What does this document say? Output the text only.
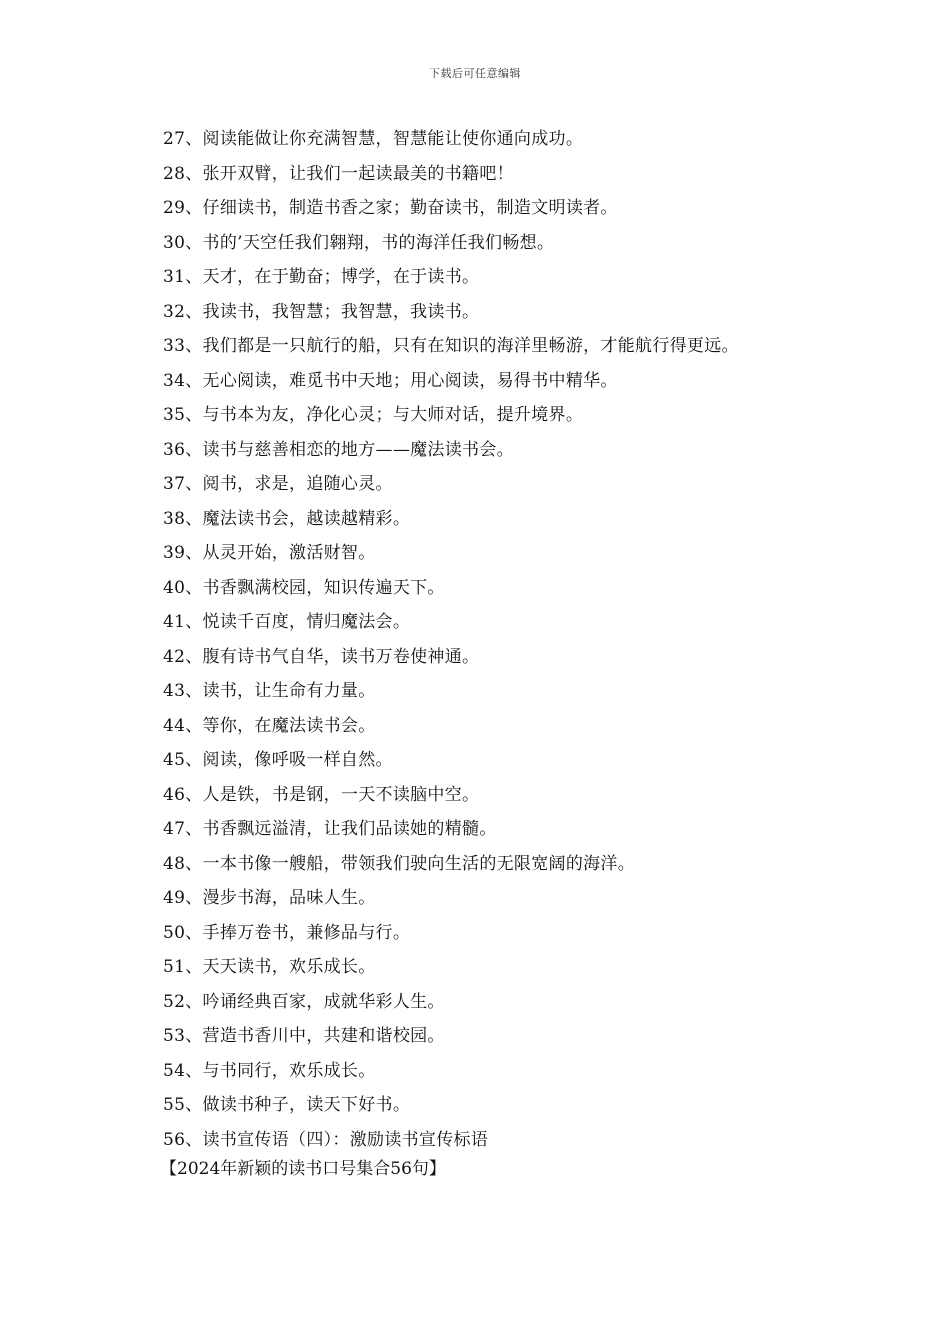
下载后可任意编辑
27、阅读能做让你充满智慧，智慧能让使你通向成功。
28、张开双臂，让我们一起读最美的书籍吧！
29、仔细读书，制造书香之家；勤奋读书，制造文明读者。
30、书的’天空任我们翱翔，书的海洋任我们畅想。
31、天才，在于勤奋；博学，在于读书。
32、我读书，我智慧；我智慧，我读书。
33、我们都是一只航行的船，只有在知识的海洋里畅游，才能航行得更远。
34、无心阅读，难觅书中天地；用心阅读，易得书中精华。
35、与书本为友，净化心灵；与大师对话，提升境界。
36、读书与慈善相恋的地方——魔法读书会。
37、阅书，求是，追随心灵。
38、魔法读书会，越读越精彩。
39、从灵开始，激活财智。
40、书香飘满校园，知识传遍天下。
41、悦读千百度，情归魔法会。
42、腹有诗书气自华，读书万卷使神通。
43、读书，让生命有力量。
44、等你，在魔法读书会。
45、阅读，像呼吸一样自然。
46、人是铁，书是钢，一天不读脑中空。
47、书香飘远溢清，让我们品读她的精髓。
48、一本书像一艘船，带领我们驶向生活的无限宽阔的海洋。
49、漫步书海，品味人生。
50、手捧万卷书，兼修品与行。
51、天天读书，欢乐成长。
52、吟诵经典百家，成就华彩人生。
53、营造书香川中，共建和谐校园。
54、与书同行，欢乐成长。
55、做读书种子，读天下好书。
56、读书宣传语（四）：激励读书宣传标语
【2024年新颖的读书口号集合56句】
